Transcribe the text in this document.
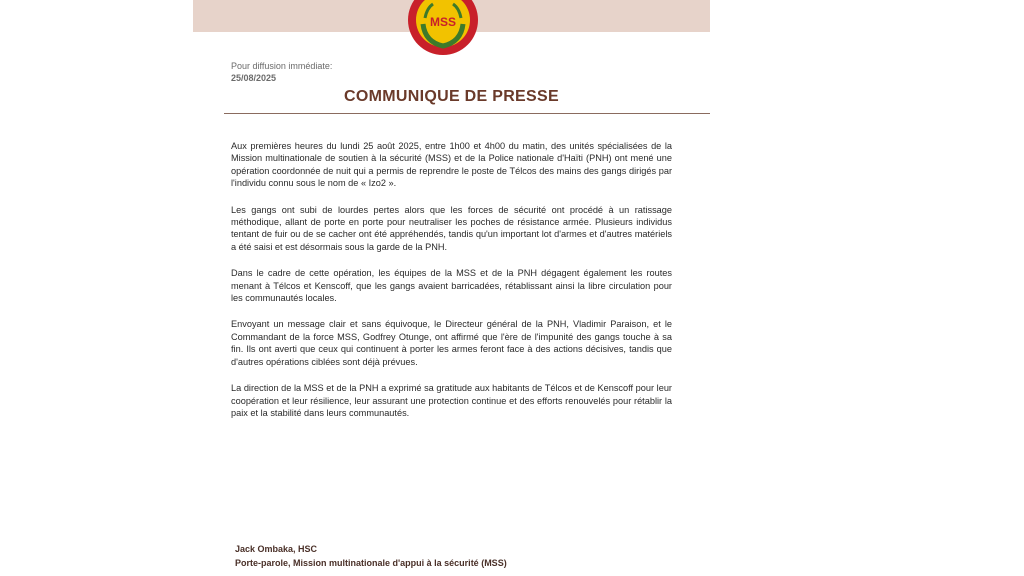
MSS
Pour diffusion immédiate:
25/08/2025
COMMUNIQUE DE PRESSE

Aux premières heures du lundi 25 août 2025, entre 1h00 et 4h00 du matin, des unités spécialisées de la Mission multinationale de soutien à la sécurité (MSS) et de la Police nationale d'Haïti (PNH) ont mené une opération coordonnée de nuit qui a permis de reprendre le poste de Télcos des mains des gangs dirigés par l'individu connu sous le nom de « Izo2 ».

Les gangs ont subi de lourdes pertes alors que les forces de sécurité ont procédé à un ratissage méthodique, allant de porte en porte pour neutraliser les poches de résistance armée. Plusieurs individus tentant de fuir ou de se cacher ont été appréhendés, tandis qu'un important lot d'armes et d'autres matériels a été saisi et est désormais sous la garde de la PNH.

Dans le cadre de cette opération, les équipes de la MSS et de la PNH dégagent également les routes menant à Télcos et Kenscoff, que les gangs avaient barricadées, rétablissant ainsi la libre circulation pour les communautés locales.

Envoyant un message clair et sans équivoque, le Directeur général de la PNH, Vladimir Paraison, et le Commandant de la force MSS, Godfrey Otunge, ont affirmé que l'ère de l'impunité des gangs touche à sa fin. Ils ont averti que ceux qui continuent à porter les armes feront face à des actions décisives, tandis que d'autres opérations ciblées sont déjà prévues.

La direction de la MSS et de la PNH a exprimé sa gratitude aux habitants de Télcos et de Kenscoff pour leur coopération et leur résilience, leur assurant une protection continue et des efforts renouvelés pour rétablir la paix et la stabilité dans leurs communautés.

Jack Ombaka, HSC
Porte-parole, Mission multinationale d'appui à la sécurité (MSS)
